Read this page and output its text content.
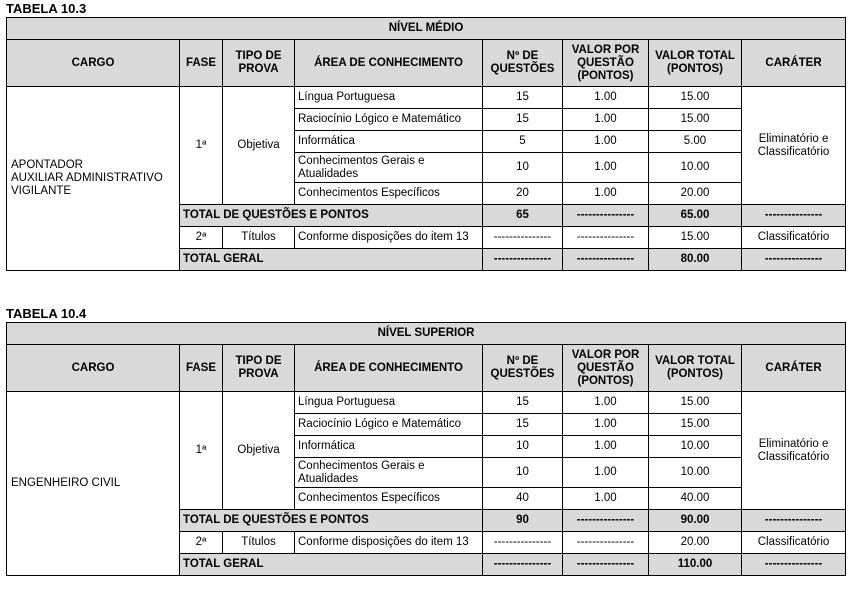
TABELA 10.3
NÍVEL MÉDIO							
CARGO	FASE	TIPO DE PROVA	ÁREA DE CONHECIMENTO	Nº DE QUESTÕES	VALOR POR QUESTÃO (PONTOS)	VALOR TOTAL (PONTOS)	CARÁTER

APONTADOR
AUXILIAR ADMINISTRATIVO
VIGILANTE	1ª	Objetiva	Língua Portuguesa	15	1.00	15.00	Eliminatório e Classificatório
			Raciocínio Lógico e Matemático	15	1.00	15.00	
			Informática	5	1.00	5.00	
			Conhecimentos Gerais e Atualidades	10	1.00	10.00	
			Conhecimentos Específicos	20	1.00	20.00	
	TOTAL DE QUESTÕES E PONTOS			65	---------------	65.00	---------------
	2ª	Títulos	Conforme disposições do item 13	---------------	---------------	15.00	Classificatório
	TOTAL GERAL			---------------	---------------	80.00	---------------
TABELA 10.4
NÍVEL SUPERIOR							
CARGO	FASE	TIPO DE PROVA	ÁREA DE CONHECIMENTO	Nº DE QUESTÕES	VALOR POR QUESTÃO (PONTOS)	VALOR TOTAL (PONTOS)	CARÁTER

ENGENHEIRO CIVIL	1ª	Objetiva	Língua Portuguesa	15	1.00	15.00	Eliminatório e Classificatório
			Raciocínio Lógico e Matemático	15	1.00	15.00	
			Informática	10	1.00	10.00	
			Conhecimentos Gerais e Atualidades	10	1.00	10.00	
			Conhecimentos Específicos	40	1.00	40.00	
	TOTAL DE QUESTÕES E PONTOS			90	---------------	90.00	---------------
	2ª	Títulos	Conforme disposições do item 13	---------------	---------------	20.00	Classificatório
	TOTAL GERAL			---------------	---------------	110.00	---------------
